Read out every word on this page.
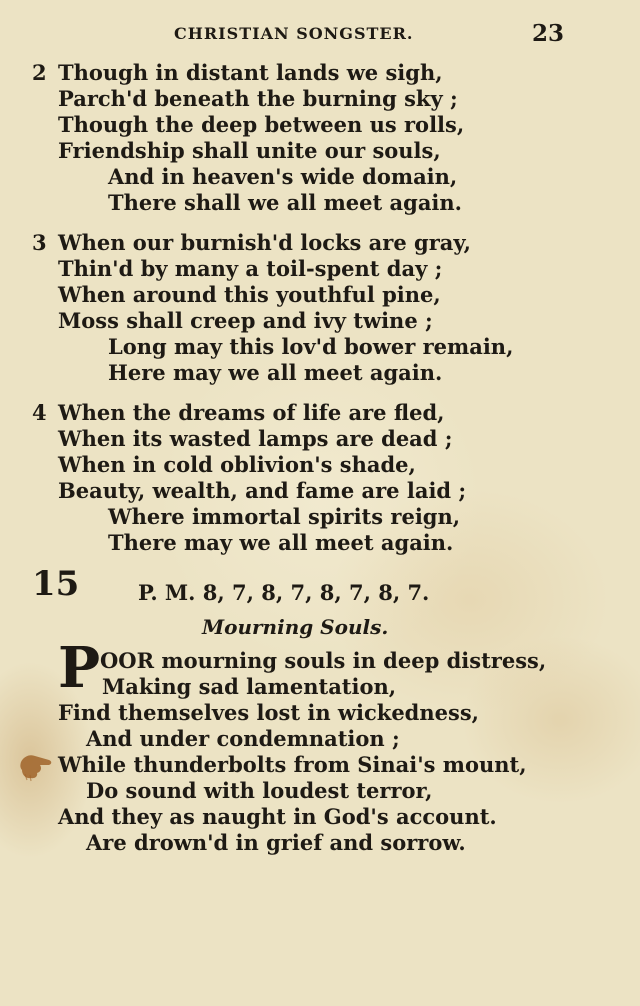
CHRISTIAN SONGSTER.	23
2 Though in distant lands we sigh,
Parch'd beneath the burning sky ;
Though the deep between us rolls,
Friendship shall unite our souls,
And in heaven's wide domain,
There shall we all meet again.
3 When our burnish'd locks are gray,
Thin'd by many a toil-spent day ;
When around this youthful pine,
Moss shall creep and ivy twine ;
Long may this lov'd bower remain,
Here may we all meet again.
4 When the dreams of life are fled,
When its wasted lamps are dead ;
When in cold oblivion's shade,
Beauty, wealth, and fame are laid ;
Where immortal spirits reign,
There may we all meet again.
15	P. M. 8, 7, 8, 7, 8, 7, 8, 7.
Mourning Souls.
OOR mourning souls in deep distress,
Making sad lamentation,
Find themselves lost in wickedness,
And under condemnation ;
While thunderbolts from Sinai's mount,
Do sound with loudest terror,
And they as naught in God's account.
Are drown'd in grief and sorrow.
P
